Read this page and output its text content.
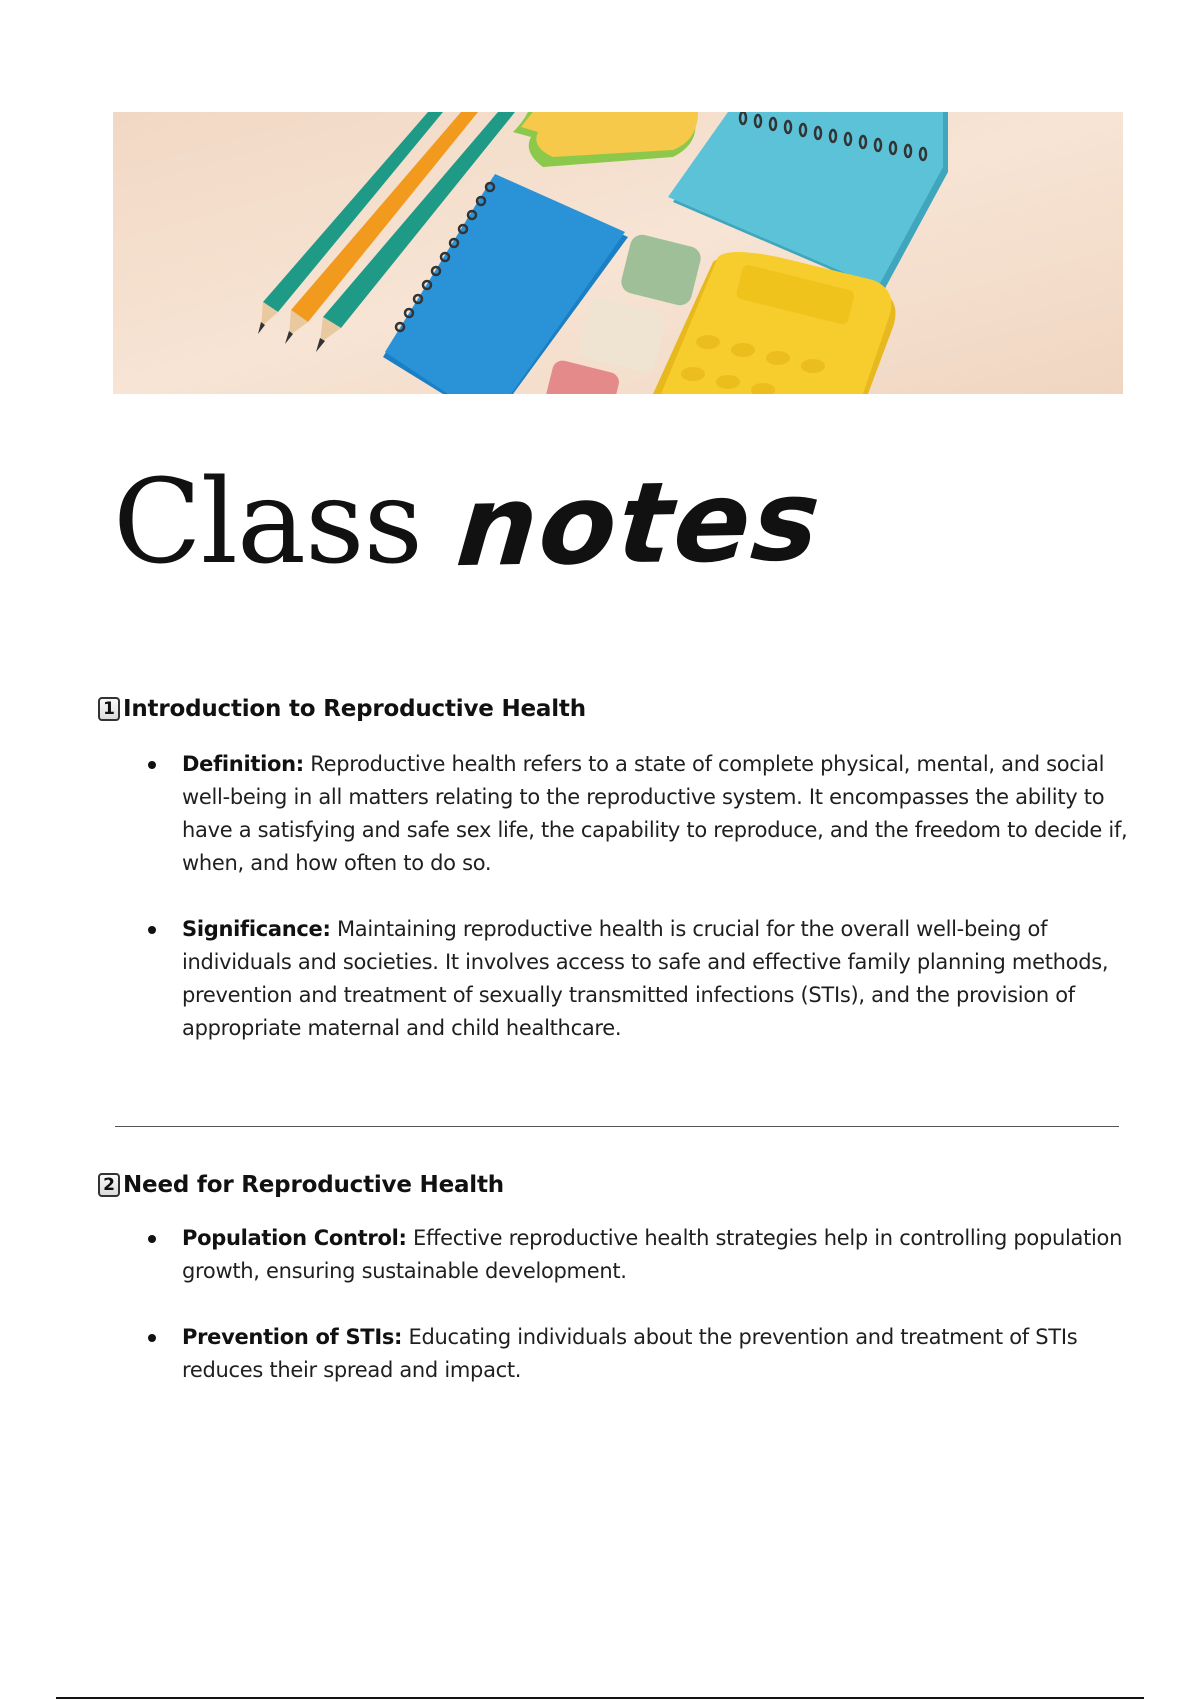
Class notes
1 Introduction to Reproductive Health
Definition: Reproductive health refers to a state of complete physical, mental, and social well-being in all matters relating to the reproductive system. It encompasses the ability to have a satisfying and safe sex life, the capability to reproduce, and the freedom to decide if, when, and how often to do so.
Significance: Maintaining reproductive health is crucial for the overall well-being of individuals and societies. It involves access to safe and effective family planning methods, prevention and treatment of sexually transmitted infections (STIs), and the provision of appropriate maternal and child healthcare.
2 Need for Reproductive Health
Population Control: Effective reproductive health strategies help in controlling population growth, ensuring sustainable development.
Prevention of STIs: Educating individuals about the prevention and treatment of STIs reduces their spread and impact.
